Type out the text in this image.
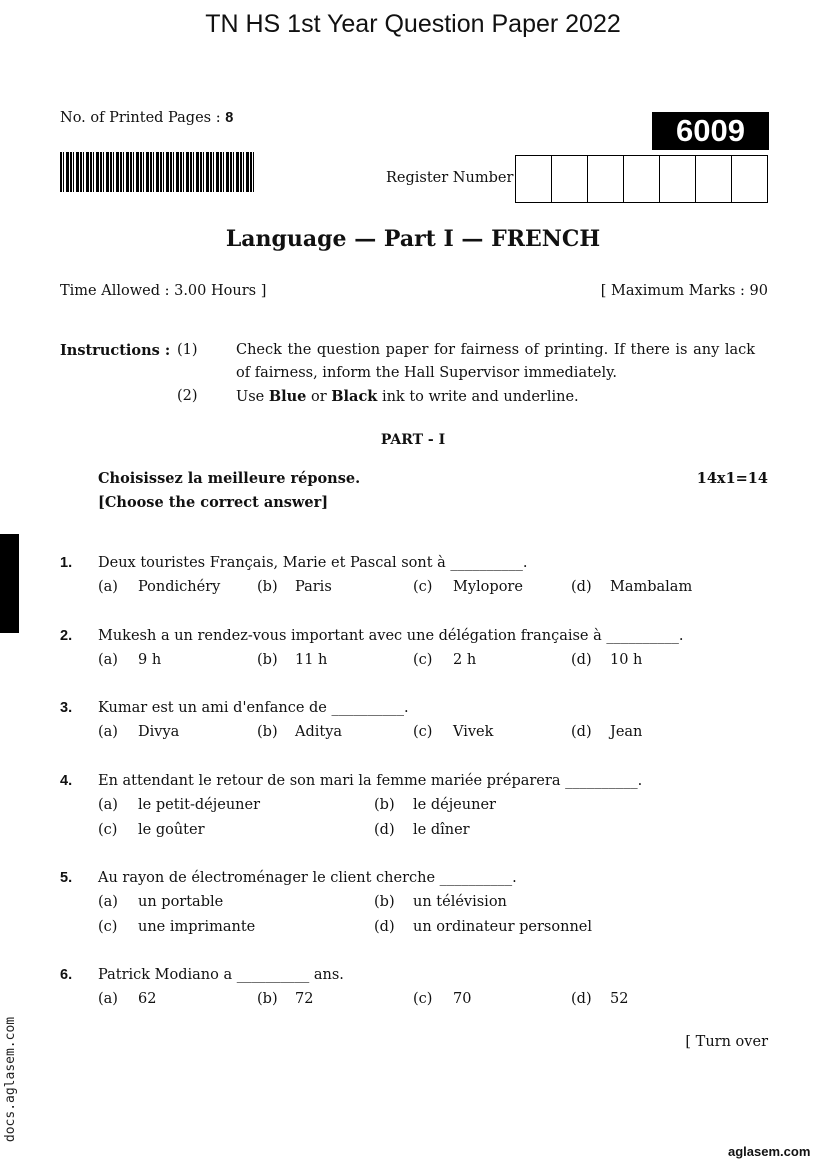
TN HS 1st Year Question Paper 2022
No. of Printed Pages : 8	6009
Register Number
Language — Part I — FRENCH
Time Allowed : 3.00 Hours ]	[ Maximum Marks : 90
Instructions : (1)	Check the question paper for fairness of printing. If there is any lack
of fairness, inform the Hall Supervisor immediately.
(2)	Use Blue or Black ink to write and underline.
PART - I
Choisissez la meilleure réponse.	14x1=14
[Choose the correct answer]
1. Deux touristes Français, Marie et Pascal sont à __________.
(a) Pondichéry	(b) Paris	(c) Mylopore	(d) Mambalam
2. Mukesh a un rendez-vous important avec une délégation française à __________.
(a) 9 h	(b) 11 h	(c) 2 h	(d) 10 h
3. Kumar est un ami d'enfance de __________.
(a) Divya	(b) Aditya	(c) Vivek	(d) Jean
4. En attendant le retour de son mari la femme mariée préparera __________.
(a) le petit-déjeuner	(b) le déjeuner
(c) le goûter	(d) le dîner
5. Au rayon de électroménager le client cherche __________.
(a) un portable	(b) un télévision
(c) une imprimante	(d) un ordinateur personnel
6. Patrick Modiano a __________ ans.
(a) 62	(b) 72	(c) 70	(d) 52
[ Turn over
docs.aglasem.com
aglasem.com
